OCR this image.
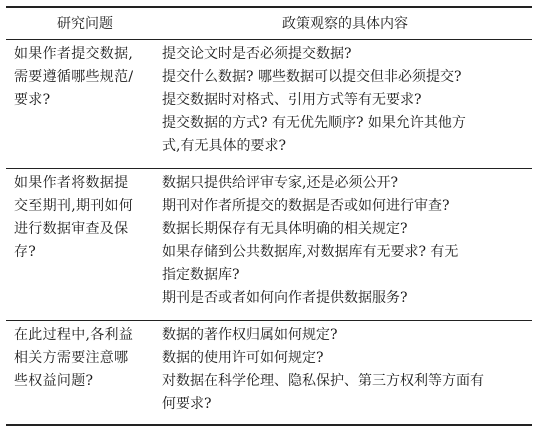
研究问题	政策观察的具体内容
如果作者提交数据,
需要遵循哪些规范/
要求?
提交论文时是否必须提交数据?
提交什么数据? 哪些数据可以提交但非必须提交?
提交数据时对格式、引用方式等有无要求?
提交数据的方式? 有无优先顺序? 如果允许其他方
式,有无具体的要求?
如果作者将数据提
交至期刊,期刊如何
进行数据审查及保
存?
数据只提供给评审专家,还是必须公开?
期刊对作者所提交的数据是否或如何进行审查?
数据长期保存有无具体明确的相关规定?
如果存储到公共数据库,对数据库有无要求? 有无
指定数据库?
期刊是否或者如何向作者提供数据服务?
在此过程中,各利益
相关方需要注意哪
些权益问题?
数据的著作权归属如何规定?
数据的使用许可如何规定?
对数据在科学伦理、隐私保护、第三方权利等方面有
何要求?
